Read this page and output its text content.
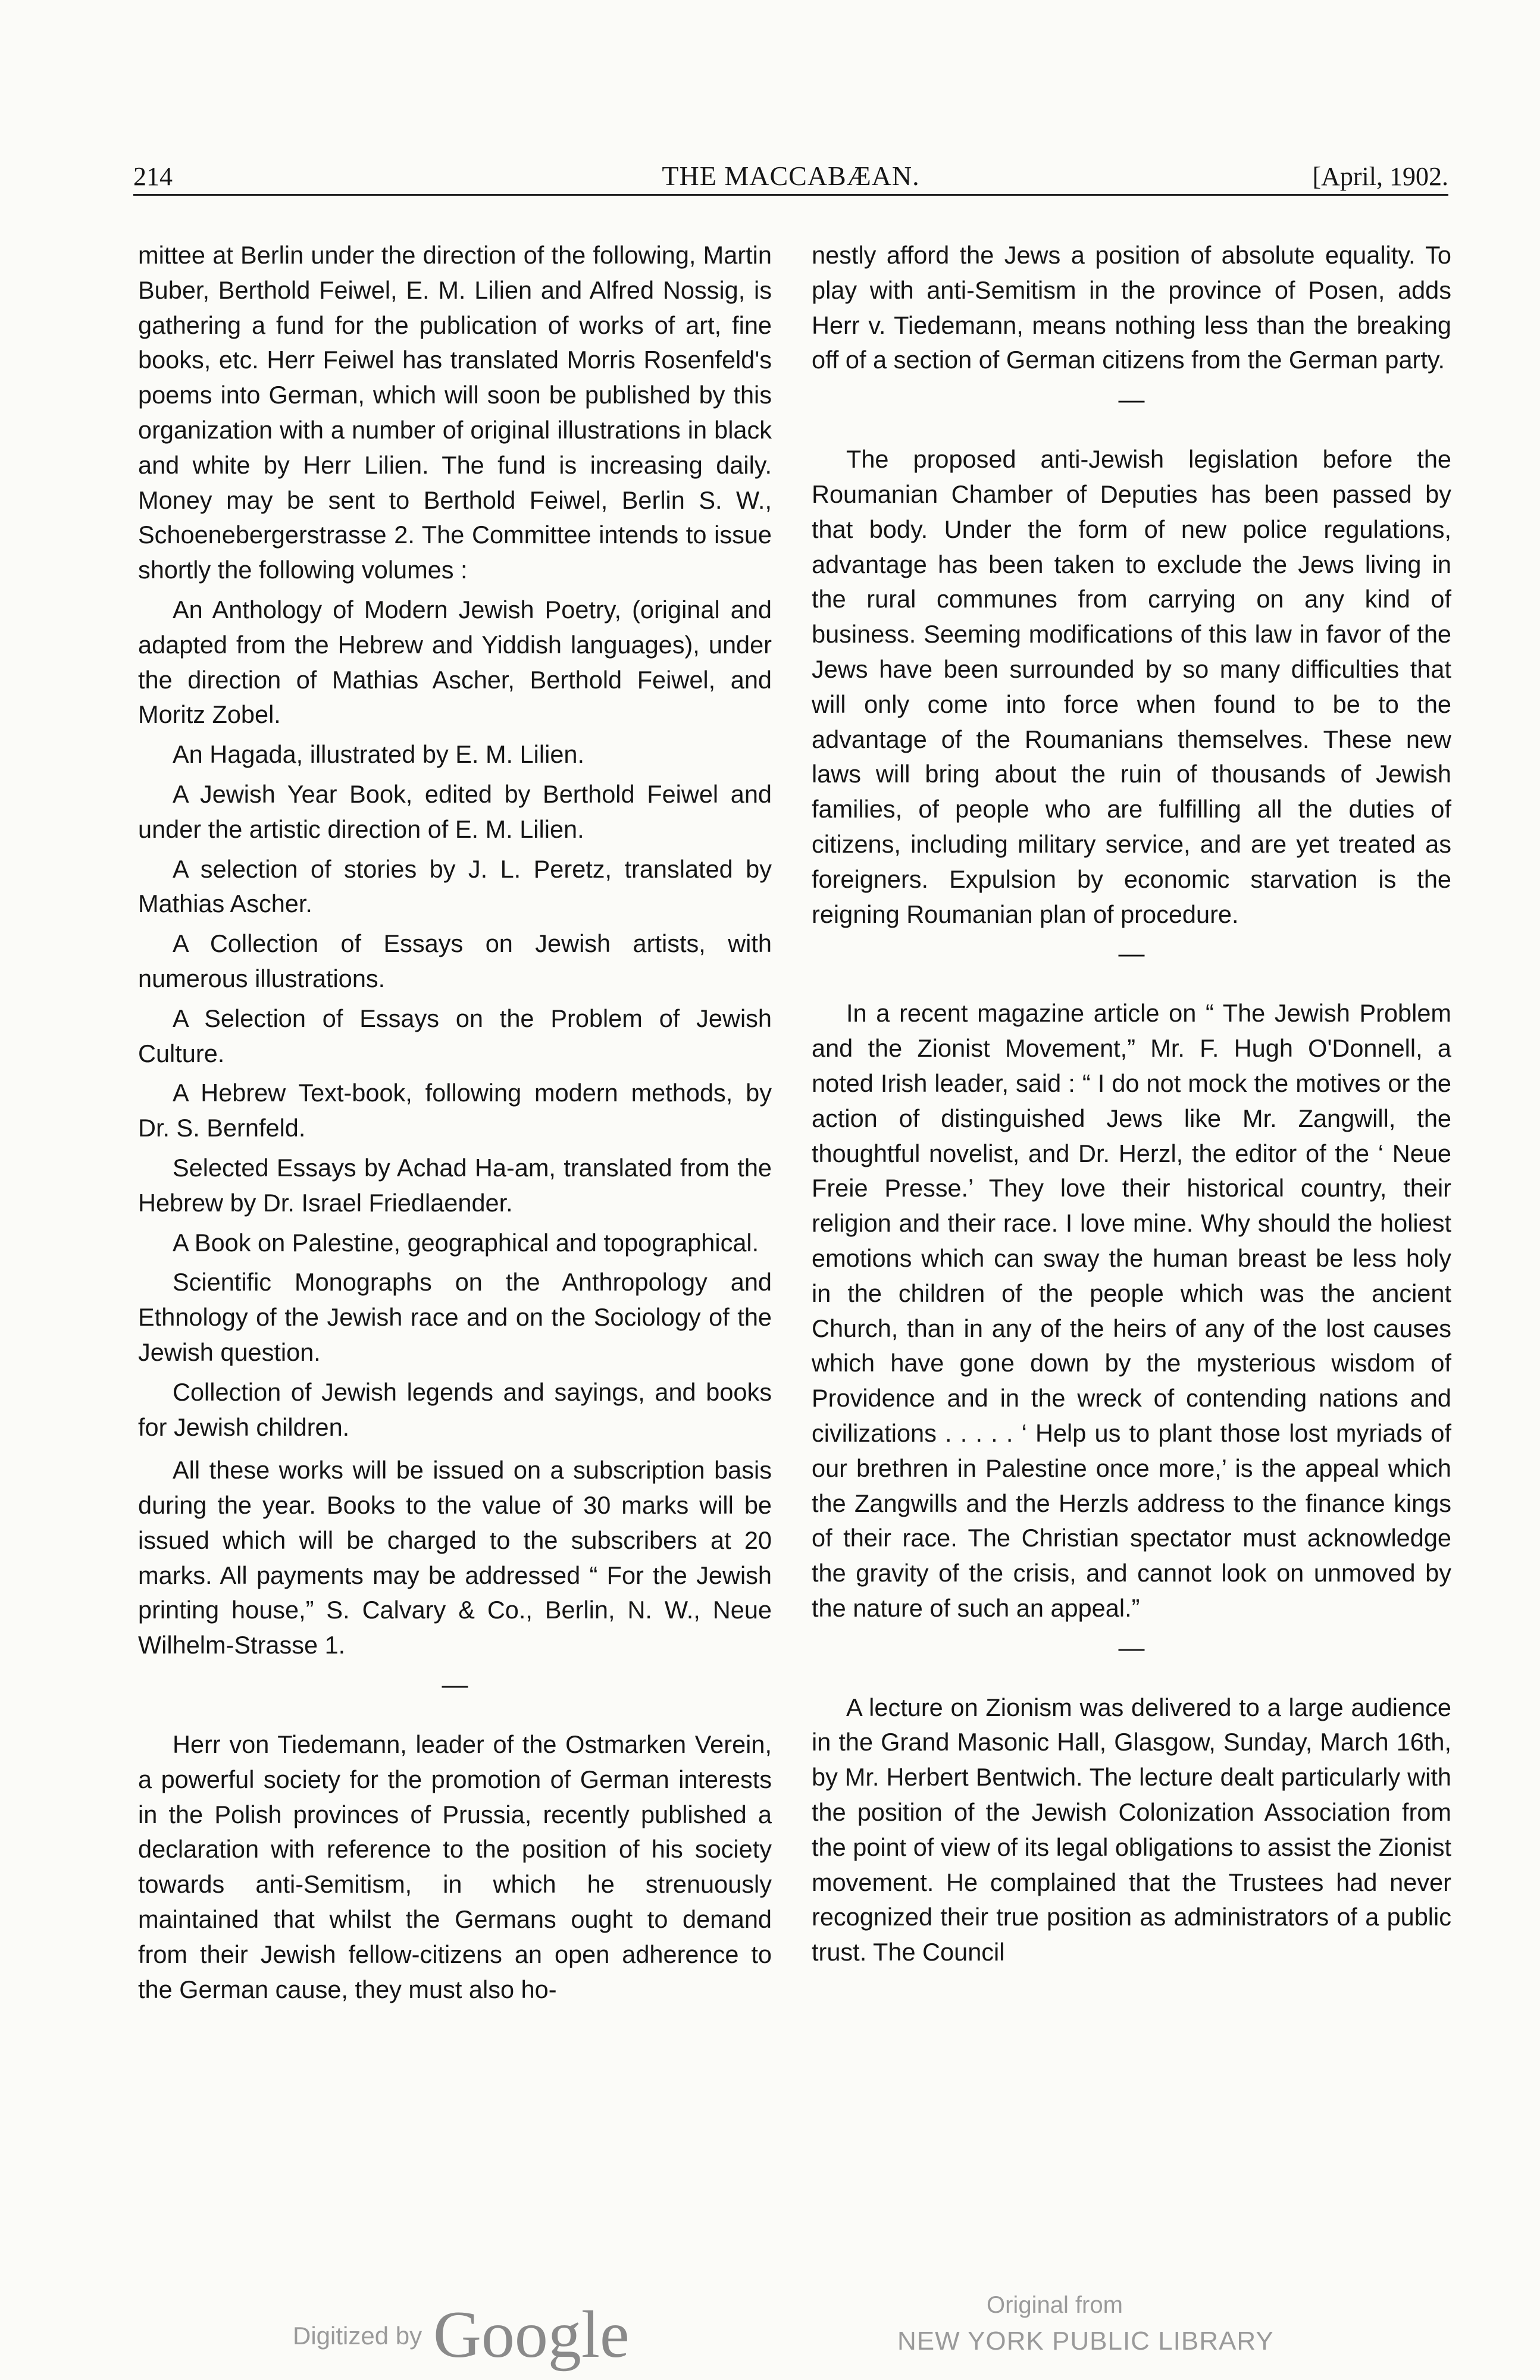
214	THE MACCABÆAN.	[April, 1902.

mittee at Berlin under the direction of the following, Martin Buber, Berthold Feiwel, E. M. Lilien and Alfred Nossig, is gathering a fund for the publication of works of art, fine books, etc. Herr Feiwel has translated Morris Rosenfeld's poems into German, which will soon be published by this organization with a number of original illustrations in black and white by Herr Lilien. The fund is increasing daily. Money may be sent to Berthold Feiwel, Berlin S. W., Schoenebergerstrasse 2. The Committee intends to issue shortly the following volumes :

An Anthology of Modern Jewish Poetry, (original and adapted from the Hebrew and Yiddish languages), under the direction of Mathias Ascher, Berthold Feiwel, and Moritz Zobel.

An Hagada, illustrated by E. M. Lilien.

A Jewish Year Book, edited by Berthold Feiwel and under the artistic direction of E. M. Lilien.

A selection of stories by J. L. Peretz, translated by Mathias Ascher.

A Collection of Essays on Jewish artists, with numerous illustrations.

A Selection of Essays on the Problem of Jewish Culture.

A Hebrew Text-book, following modern methods, by Dr. S. Bernfeld.

Selected Essays by Achad Ha-am, translated from the Hebrew by Dr. Israel Friedlaender.

A Book on Palestine, geographical and topographical.

Scientific Monographs on the Anthropology and Ethnology of the Jewish race and on the Sociology of the Jewish question.

Collection of Jewish legends and sayings, and books for Jewish children.

All these works will be issued on a subscription basis during the year. Books to the value of 30 marks will be issued which will be charged to the subscribers at 20 marks. All payments may be addressed “ For the Jewish printing house,” S. Calvary & Co., Berlin, N. W., Neue Wilhelm-Strasse 1.

—

Herr von Tiedemann, leader of the Ostmarken Verein, a powerful society for the promotion of German interests in the Polish provinces of Prussia, recently published a declaration with reference to the position of his society towards anti-Semitism, in which he strenuously maintained that whilst the Germans ought to demand from their Jewish fellow-citizens an open adherence to the German cause, they must also ho-

nestly afford the Jews a position of absolute equality. To play with anti-Semitism in the province of Posen, adds Herr v. Tiedemann, means nothing less than the breaking off of a section of German citizens from the German party.

—

The proposed anti-Jewish legislation before the Roumanian Chamber of Deputies has been passed by that body. Under the form of new police regulations, advantage has been taken to exclude the Jews living in the rural communes from carrying on any kind of business. Seeming modifications of this law in favor of the Jews have been surrounded by so many difficulties that will only come into force when found to be to the advantage of the Roumanians themselves. These new laws will bring about the ruin of thousands of Jewish families, of people who are fulfilling all the duties of citizens, including military service, and are yet treated as foreigners. Expulsion by economic starvation is the reigning Roumanian plan of procedure.

—

In a recent magazine article on “ The Jewish Problem and the Zionist Movement,” Mr. F. Hugh O'Donnell, a noted Irish leader, said : “ I do not mock the motives or the action of distinguished Jews like Mr. Zangwill, the thoughtful novelist, and Dr. Herzl, the editor of the ‘ Neue Freie Presse.’ They love their historical country, their religion and their race. I love mine. Why should the holiest emotions which can sway the human breast be less holy in the children of the people which was the ancient Church, than in any of the heirs of any of the lost causes which have gone down by the mysterious wisdom of Providence and in the wreck of contending nations and civilizations . . . . . ‘ Help us to plant those lost myriads of our brethren in Palestine once more,’ is the appeal which the Zangwills and the Herzls address to the finance kings of their race. The Christian spectator must acknowledge the gravity of the crisis, and cannot look on unmoved by the nature of such an appeal.”

—

A lecture on Zionism was delivered to a large audience in the Grand Masonic Hall, Glasgow, Sunday, March 16th, by Mr. Herbert Bentwich. The lecture dealt particularly with the position of the Jewish Colonization Association from the point of view of its legal obligations to assist the Zionist movement. He complained that the Trustees had never recognized their true position as administrators of a public trust. The Council

Digitized by Google	Original from
NEW YORK PUBLIC LIBRARY
